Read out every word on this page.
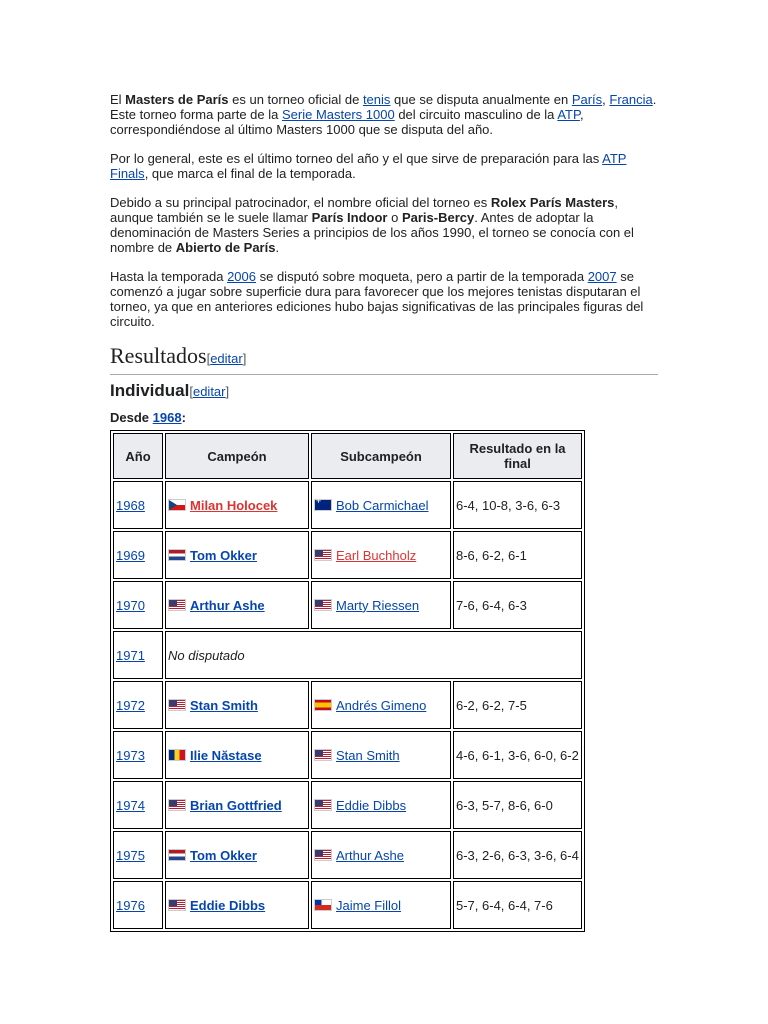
El Masters de París es un torneo oficial de tenis que se disputa anualmente en París, Francia. Este torneo forma parte de la Serie Masters 1000 del circuito masculino de la ATP, correspondiéndose al último Masters 1000 que se disputa del año.

Por lo general, este es el último torneo del año y el que sirve de preparación para las ATP Finals, que marca el final de la temporada.

Debido a su principal patrocinador, el nombre oficial del torneo es Rolex París Masters, aunque también se le suele llamar París Indoor o Paris-Bercy. Antes de adoptar la denominación de Masters Series a principios de los años 1990, el torneo se conocía con el nombre de Abierto de París.

Hasta la temporada 2006 se disputó sobre moqueta, pero a partir de la temporada 2007 se comenzó a jugar sobre superficie dura para favorecer que los mejores tenistas disputaran el torneo, ya que en anteriores ediciones hubo bajas significativas de las principales figuras del circuito.

Resultados[editar]
Individual[editar]
Desde 1968:
Año	Campeón	Subcampeón	Resultado en la final
1968	Milan Holocek	+Bob Carmichael	6-4, 10-8, 3-6, 6-3
1969	Tom Okker	Earl Buchholz	8-6, 6-2, 6-1
1970	Arthur Ashe	Marty Riessen	7-6, 6-4, 6-3
1971	No disputado		
1972	Stan Smith	Andrés Gimeno	6-2, 6-2, 7-5
1973	Ilie Năstase	Stan Smith	4-6, 6-1, 3-6, 6-0, 6-2
1974	Brian Gottfried	Eddie Dibbs	6-3, 5-7, 8-6, 6-0
1975	Tom Okker	Arthur Ashe	6-3, 2-6, 6-3, 3-6, 6-4
1976	Eddie Dibbs	Jaime Fillol	5-7, 6-4, 6-4, 7-6
